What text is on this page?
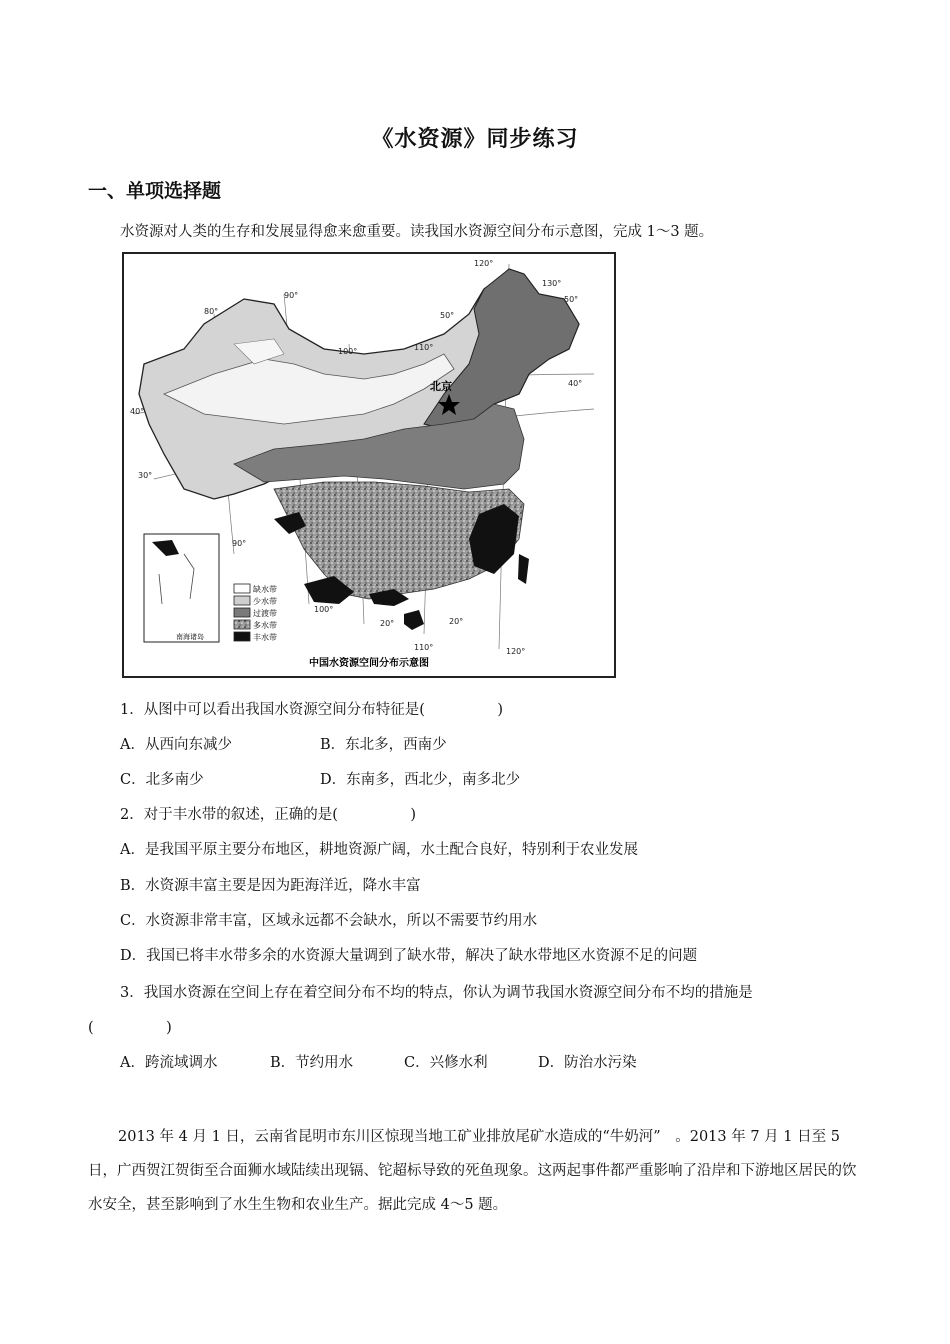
《水资源》同步练习
一、单项选择题
水资源对人类的生存和发展显得愈来愈重要。读我国水资源空间分布示意图，完成 1～3 题。
北京
80°
90°
100°	110°
120°
130°
90°
100°
110°	120°
50°
50°
40°
40°
30°
20°	20°
南海诸岛
缺水带
少水带
过渡带
多水带
丰水带
中国水资源空间分布示意图
1．从图中可以看出我国水资源空间分布特征是(　　　　　)
A．从西向东减少	B．东北多，西南少
C．北多南少	D．东南多，西北少，南多北少
2．对于丰水带的叙述，正确的是(　　　　　)
A．是我国平原主要分布地区，耕地资源广阔，水土配合良好，特别利于农业发展
B．水资源丰富主要是因为距海洋近，降水丰富
C．水资源非常丰富，区域永远都不会缺水，所以不需要节约用水
D．我国已将丰水带多余的水资源大量调到了缺水带，解决了缺水带地区水资源不足的问题
3．我国水资源在空间上存在着空间分布不均的特点，你认为调节我国水资源空间分布不均的措施是
(　　　　　)
A．跨流域调水	B．节约用水	C．兴修水利	D．防治水污染
2013 年 4 月 1 日，云南省昆明市东川区惊现当地工矿业排放尾矿水造成的“牛奶河”　。2013 年 7 月 1 日至 5 日，广西贺江贺街至合面狮水域陆续出现镉、铊超标导致的死鱼现象。这两起事件都严重影响了沿岸和下游地区居民的饮水安全，甚至影响到了水生生物和农业生产。据此完成 4～5 题。
